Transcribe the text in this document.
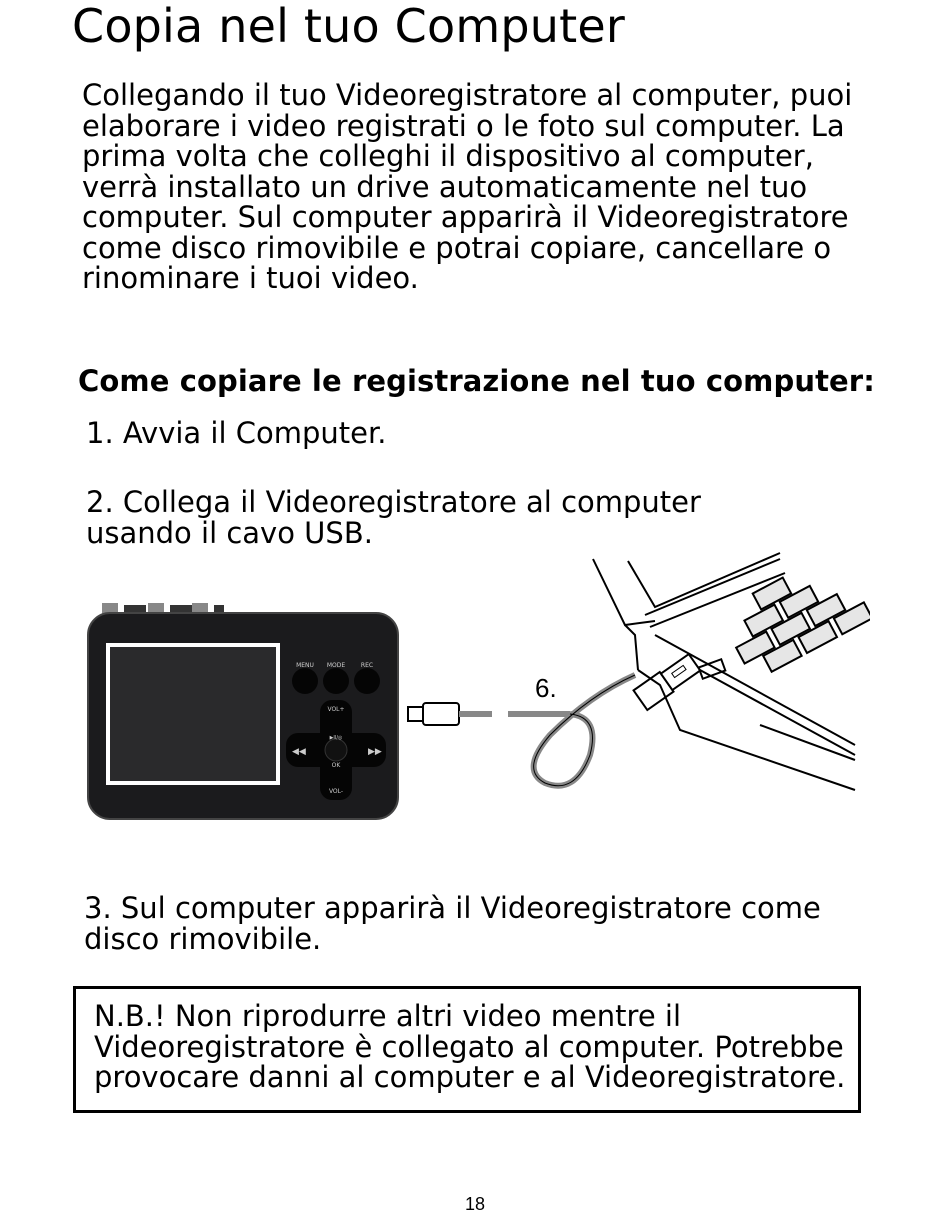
Copia nel tuo Computer

Collegando il tuo Videoregistratore al computer, puoi elaborare i video registrati o le foto sul computer. La prima volta che colleghi il dispositivo al computer, verrà installato un drive automaticamente nel tuo computer. Sul computer apparirà il Videoregistratore come disco rimovibile e potrai copiare, cancellare o rinominare i tuoi video.

Come copiare le registrazione nel tuo computer:

1. Avvia il Computer.

2. Collega il Videoregistratore al computer usando il cavo USB.

MENU MODE	REC
VOL+
▶II/◎
OK
VOL-
◀◀	▶▶
6.

3. Sul computer apparirà il Videoregistratore come disco rimovibile.

N.B.! Non riprodurre altri video mentre il Videoregistratore è collegato al computer. Potrebbe provocare danni al computer e al Videoregistratore.

18
